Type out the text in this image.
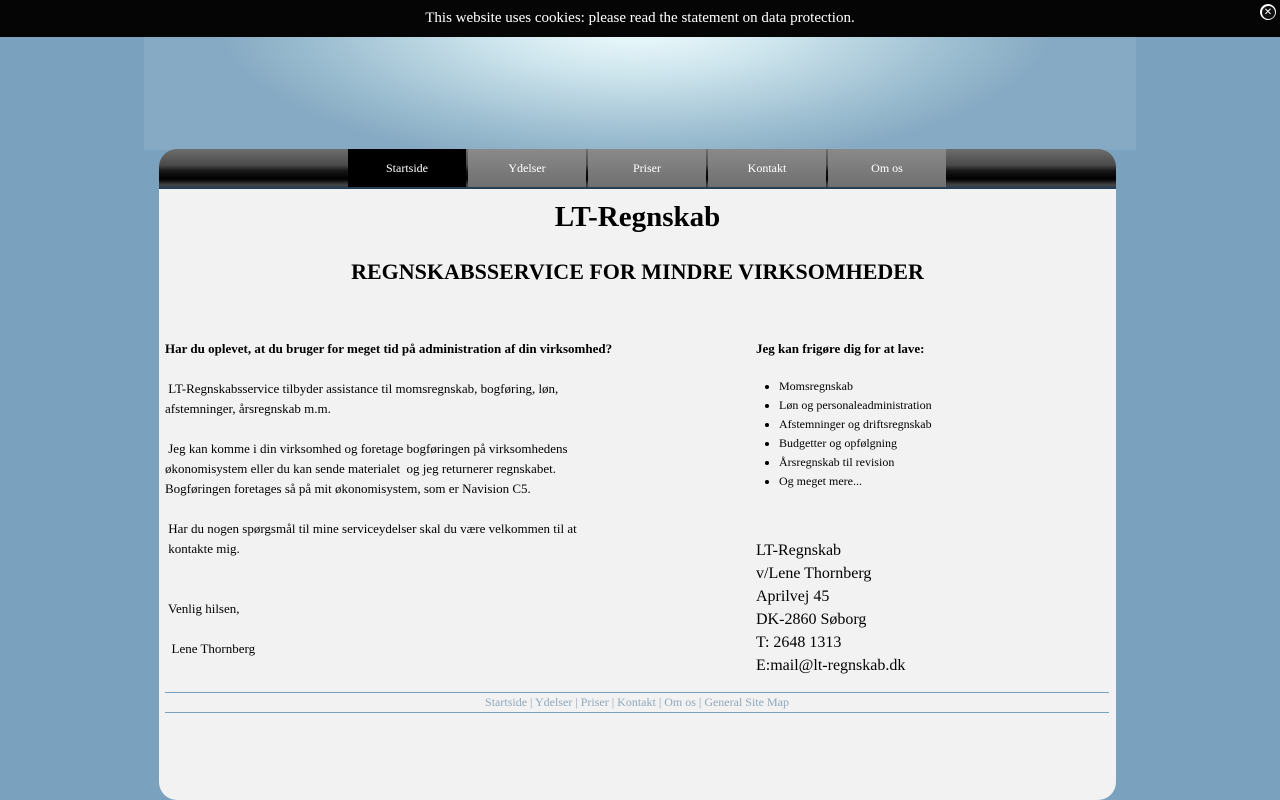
This website uses cookies: please read the statement on data protection.	✕
Startside	Ydelser	Priser	Kontakt	Om os
LT-Regnskab
REGNSKABSSERVICE FOR MINDRE VIRKSOMHEDER

Har du oplevet, at du bruger for meget tid på administration af din virksomhed?

LT-Regnskabsservice tilbyder assistance til momsregnskab, bogføring, løn,

afstemninger, årsregnskab m.m.

Jeg kan komme i din virksomhed og foretage bogføringen på virksomhedens

økonomisystem eller du kan sende materialet  og jeg returnerer regnskabet.

Bogføringen foretages så på mit økonomisystem, som er Navision C5.

Har du nogen spørgsmål til mine serviceydelser skal du være velkommen til at

kontakte mig.

Venlig hilsen,

Lene Thornberg

Jeg kan frigøre dig for at lave:

• Momsregnskab
• Løn og personaleadministration
• Afstemninger og driftsregnskab
• Budgetter og opfølgning
• Årsregnskab til revision
• Og meget mere...
LT-Regnskab
v/Lene Thornberg
Aprilvej 45
DK-2860 Søborg
T: 2648 1313
E:mail@lt-regnskab.dk
Startside | Ydelser | Priser | Kontakt | Om os | General Site Map
